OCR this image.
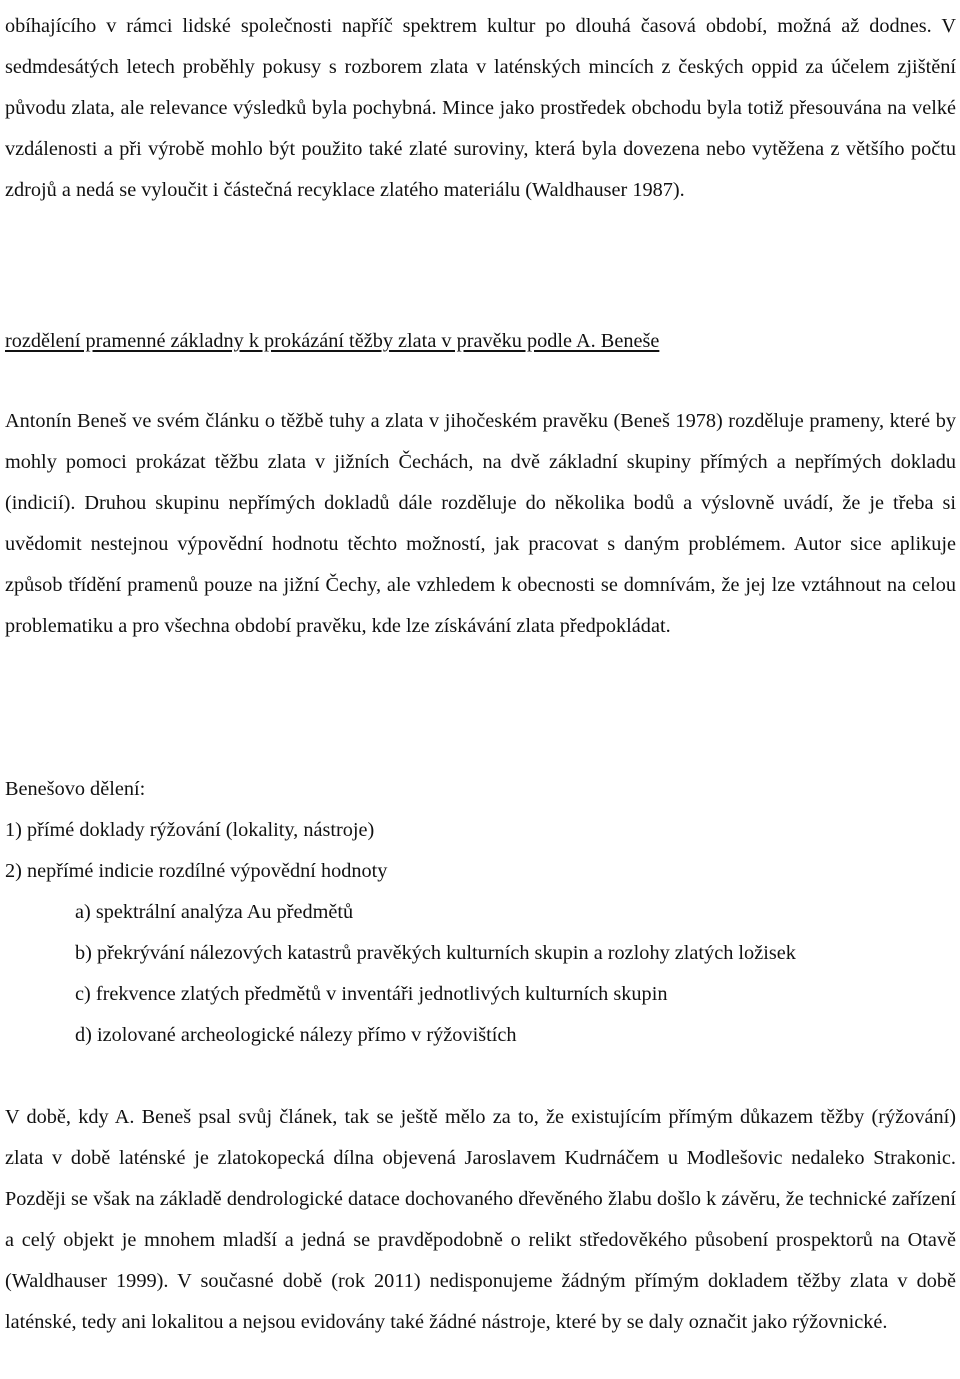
obíhajícího v rámci lidské společnosti napříč spektrem kultur po dlouhá časová období, možná až dodnes. V sedmdesátých letech proběhly pokusy s rozborem zlata v laténských mincích z českých oppid za účelem zjištění původu zlata, ale relevance výsledků byla pochybná. Mince jako prostředek obchodu byla totiž přesouvána na velké vzdálenosti a při výrobě mohlo být použito také zlaté suroviny, která byla dovezena nebo vytěžena z většího počtu zdrojů a nedá se vyloučit i částečná recyklace zlatého materiálu (Waldhauser 1987).

rozdělení pramenné základny k prokázání těžby zlata v pravěku podle A. Beneše

Antonín Beneš ve svém článku o těžbě tuhy a zlata v jihočeském pravěku (Beneš 1978) rozděluje prameny, které by mohly pomoci prokázat těžbu zlata v jižních Čechách, na dvě základní skupiny přímých a nepřímých dokladu (indicií). Druhou skupinu nepřímých dokladů dále rozděluje do několika bodů a výslovně uvádí, že je třeba si uvědomit nestejnou výpovědní hodnotu těchto možností, jak pracovat s daným problémem. Autor sice aplikuje způsob třídění pramenů pouze na jižní Čechy, ale vzhledem k obecnosti se domnívám, že jej lze vztáhnout na celou problematiku a pro všechna období pravěku, kde lze získávání zlata předpokládat.

Benešovo dělení:

1) přímé doklady rýžování (lokality, nástroje)

2) nepřímé indicie rozdílné výpovědní hodnoty

a) spektrální analýza Au předmětů

b) překrývání nálezových katastrů pravěkých kulturních skupin a rozlohy zlatých ložisek

c) frekvence zlatých předmětů v inventáři jednotlivých kulturních skupin

d) izolované archeologické nálezy přímo v rýžovištích

V době, kdy A. Beneš psal svůj článek, tak se ještě mělo za to, že existujícím přímým důkazem těžby (rýžování) zlata v době laténské je zlatokopecká dílna objevená Jaroslavem Kudrnáčem u Modlešovic nedaleko Strakonic. Později se však na základě dendrologické datace dochovaného dřevěného žlabu došlo k závěru, že technické zařízení a celý objekt je mnohem mladší a jedná se pravděpodobně o relikt středověkého působení prospektorů na Otavě (Waldhauser 1999). V současné době (rok 2011) nedisponujeme žádným přímým dokladem těžby zlata v době laténské, tedy ani lokalitou a nejsou evidovány také žádné nástroje, které by se daly označit jako rýžovnické.
